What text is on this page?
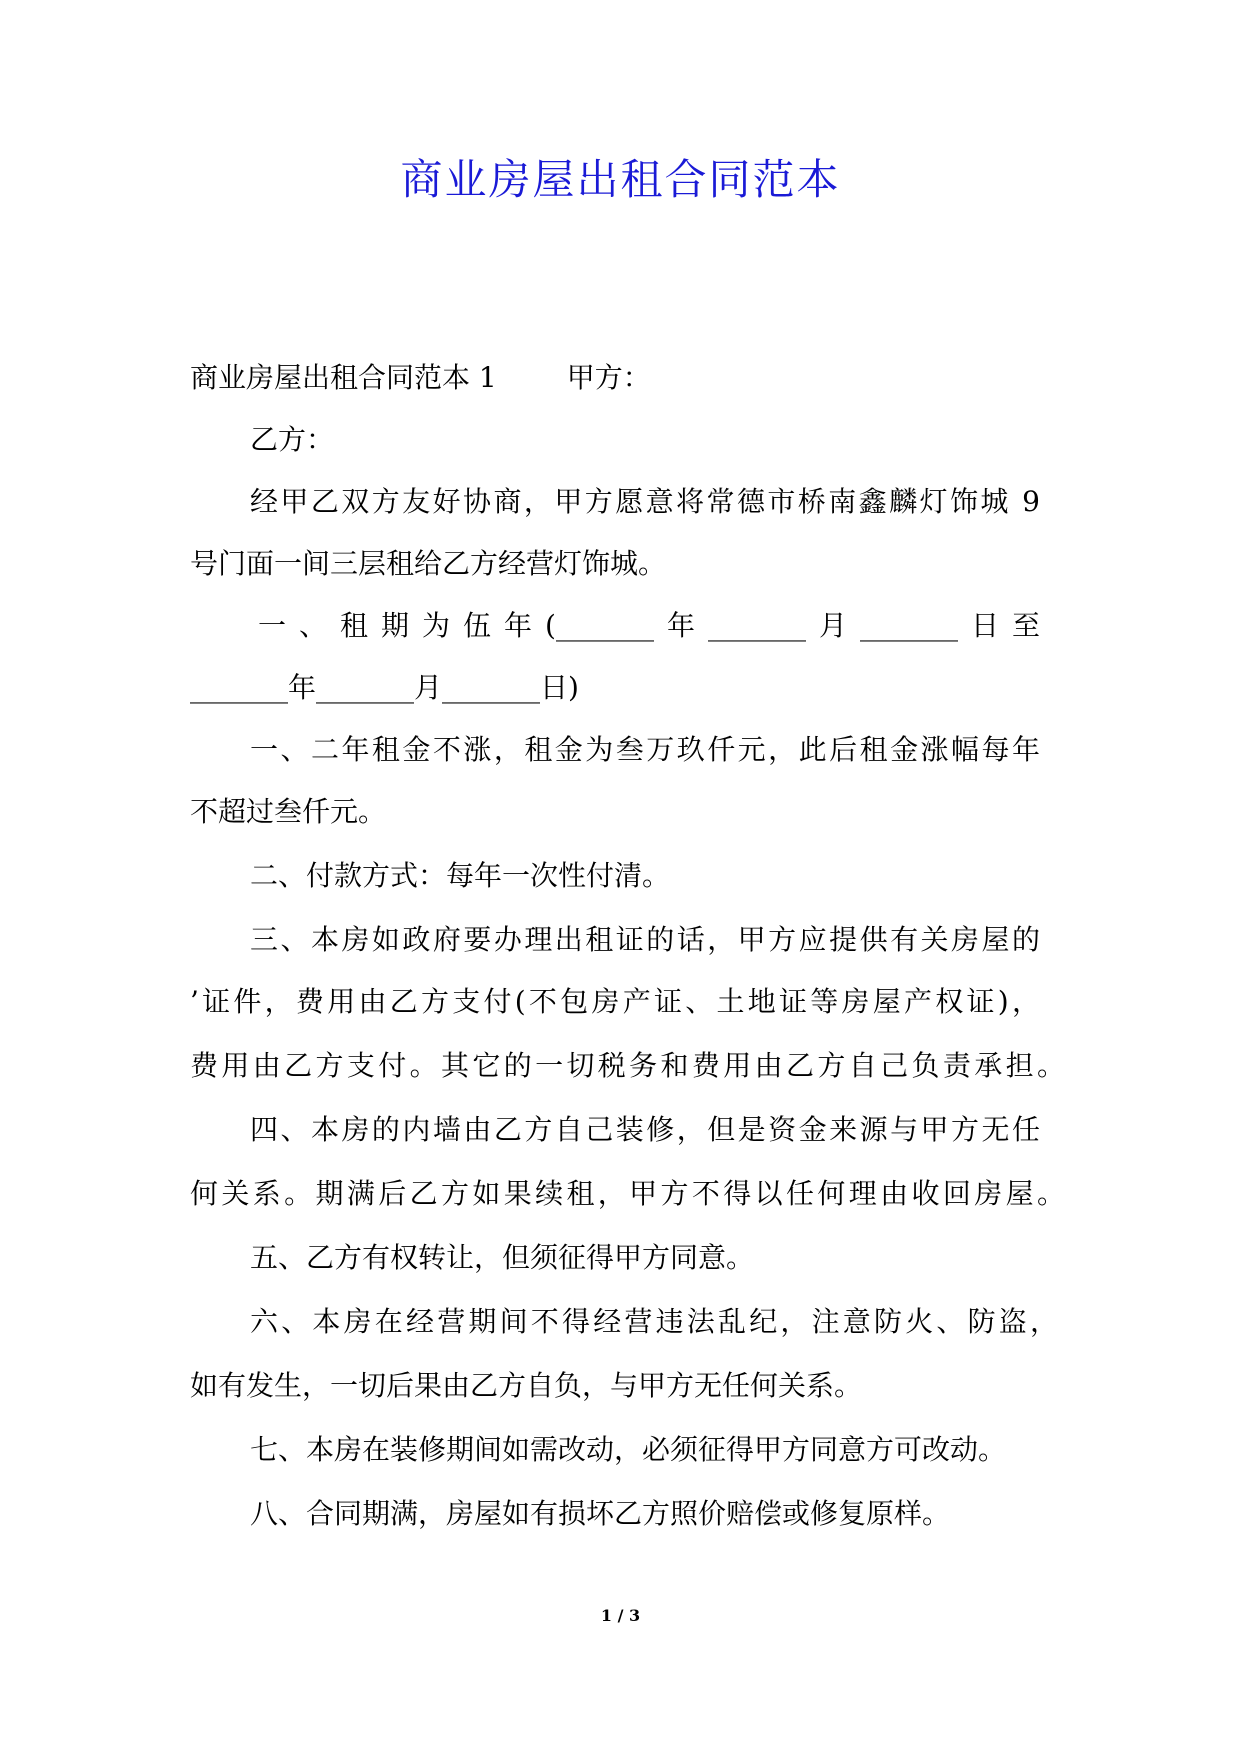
商业房屋出租合同范本
商业房屋出租合同范本 1	甲方：
乙方：
经甲乙双方友好协商，甲方愿意将常德市桥南鑫麟灯饰城 9
号门面一间三层租给乙方经营灯饰城。
一、租期为伍年(_______年_______月_______日至
_______年_______月_______日)
一、二年租金不涨，租金为叁万玖仟元，此后租金涨幅每年
不超过叁仟元。
二、付款方式：每年一次性付清。
三、本房如政府要办理出租证的话，甲方应提供有关房屋的
’证件，费用由乙方支付(不包房产证、土地证等房屋产权证)，
费用由乙方支付。其它的一切税务和费用由乙方自己负责承担。
四、本房的内墙由乙方自己装修，但是资金来源与甲方无任
何关系。期满后乙方如果续租，甲方不得以任何理由收回房屋。
五、乙方有权转让，但须征得甲方同意。
六、本房在经营期间不得经营违法乱纪，注意防火、防盗，
如有发生，一切后果由乙方自负，与甲方无任何关系。
七、本房在装修期间如需改动，必须征得甲方同意方可改动。
八、合同期满，房屋如有损坏乙方照价赔偿或修复原样。
1 / 3
